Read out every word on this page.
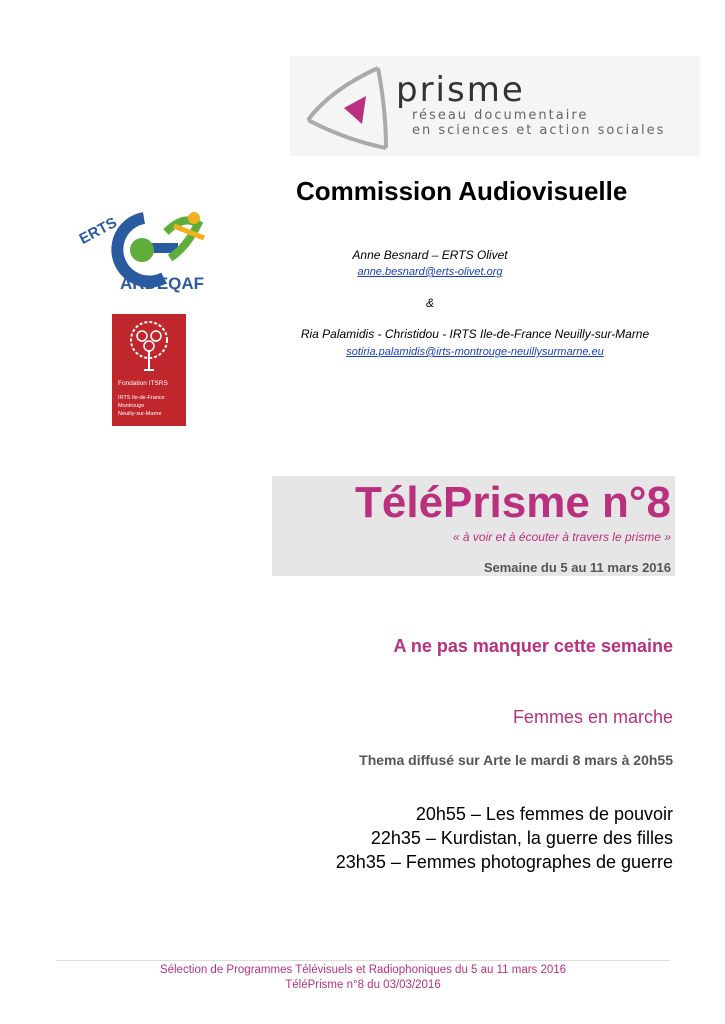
prisme
réseau documentaire
en sciences et action sociales
Commission Audiovisuelle
ERTS
ARDEQAF
Fondation ITSRS
IRTS Ile-de-France
Montrouge
Neuilly-sur-Marne
Anne Besnard – ERTS Olivet
anne.besnard@erts-olivet.org
&
Ria Palamidis - Christidou - IRTS Ile-de-France Neuilly-sur-Marne
sotiria.palamidis@irts-montrouge-neuillysurmarne.eu
TéléPrisme n°8
« à voir et à écouter à travers le prisme »
Semaine du 5 au 11 mars 2016
A ne pas manquer cette semaine
Femmes en marche
Thema diffusé sur Arte le mardi 8 mars à 20h55
20h55 – Les femmes de pouvoir
22h35 – Kurdistan, la guerre des filles
23h35 – Femmes photographes de guerre
Sélection de Programmes Télévisuels et Radiophoniques du 5 au 11 mars 2016
TéléPrisme n°8 du 03/03/2016
